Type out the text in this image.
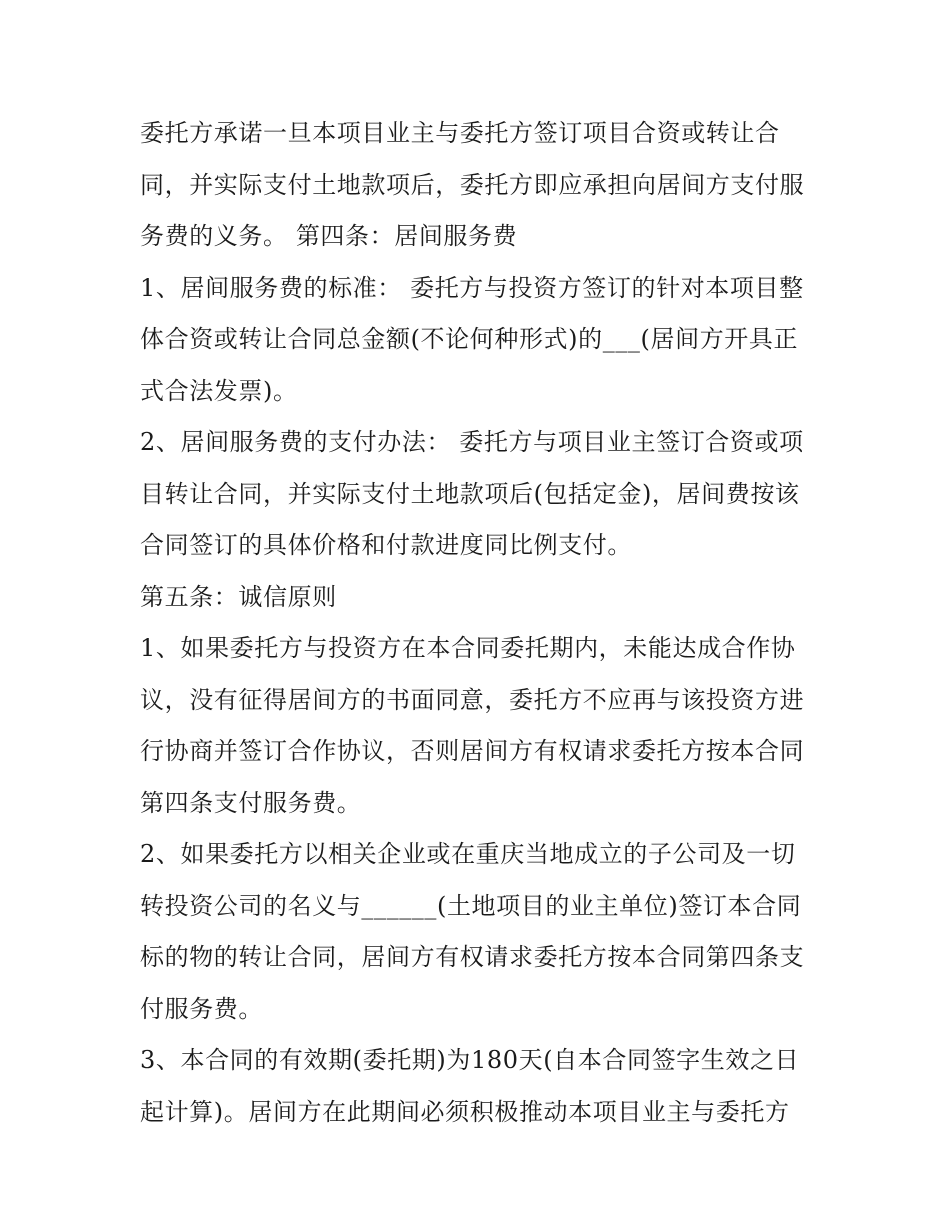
委托方承诺一旦本项目业主与委托方签订项目合资或转让合
同，并实际支付土地款项后，委托方即应承担向居间方支付服
务费的义务。 第四条：居间服务费
1、居间服务费的标准： 委托方与投资方签订的针对本项目整
体合资或转让合同总金额(不论何种形式)的___(居间方开具正
式合法发票)。
2、居间服务费的支付办法： 委托方与项目业主签订合资或项
目转让合同，并实际支付土地款项后(包括定金)，居间费按该
合同签订的具体价格和付款进度同比例支付。
第五条：诚信原则
1、如果委托方与投资方在本合同委托期内，未能达成合作协
议，没有征得居间方的书面同意，委托方不应再与该投资方进
行协商并签订合作协议，否则居间方有权请求委托方按本合同
第四条支付服务费。
2、如果委托方以相关企业或在重庆当地成立的子公司及一切
转投资公司的名义与______(土地项目的业主单位)签订本合同
标的物的转让合同，居间方有权请求委托方按本合同第四条支
付服务费。
3、本合同的有效期(委托期)为180天(自本合同签字生效之日
起计算)。居间方在此期间必须积极推动本项目业主与委托方
